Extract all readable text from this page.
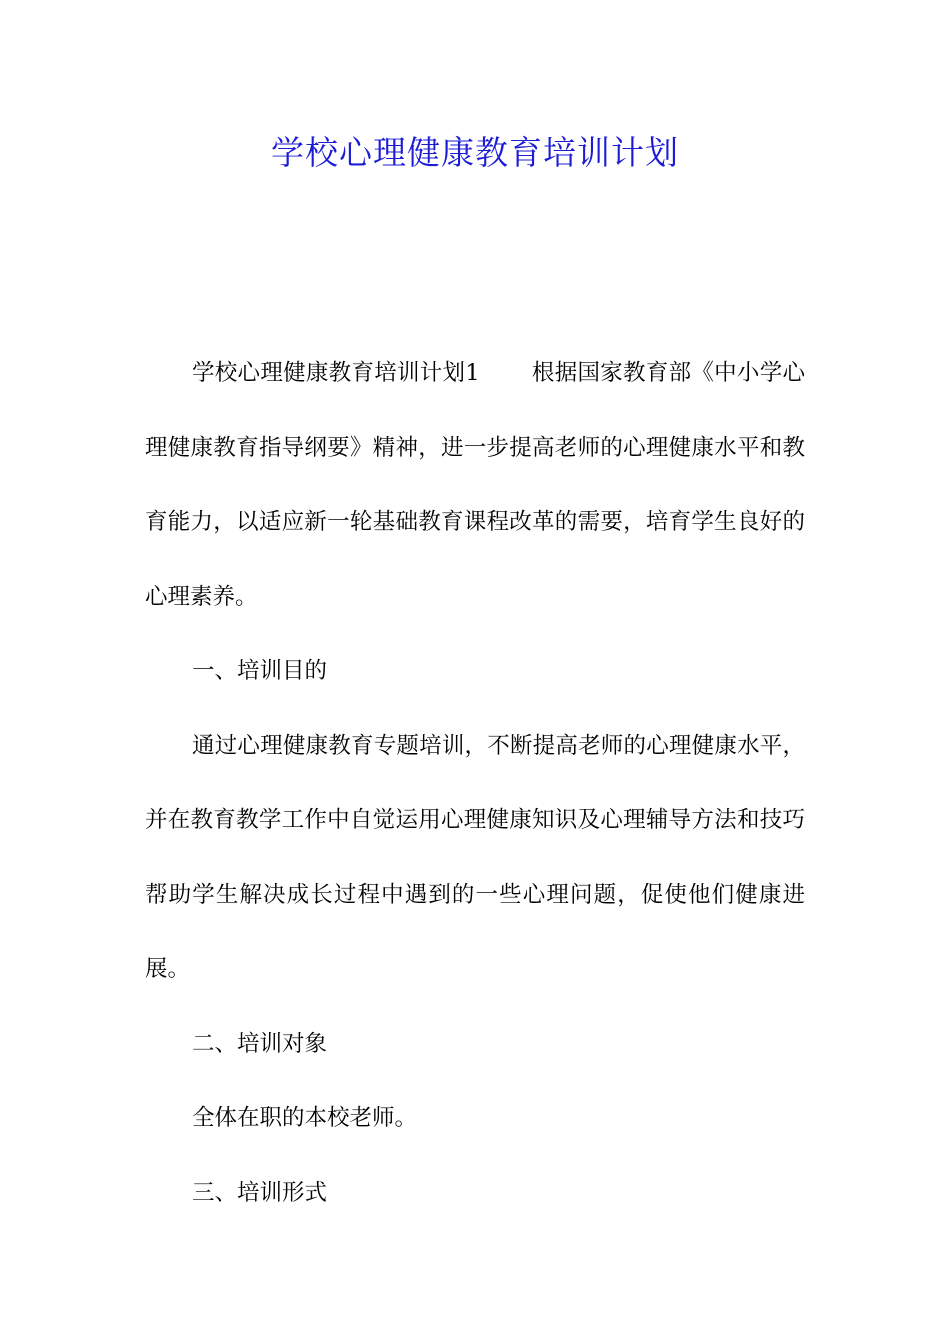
学校心理健康教育培训计划

学校心理健康教育培训计划1 根据国家教育部《中小学心理健康教育指导纲要》精神，进一步提高老师的心理健康水平和教育能力，以适应新一轮基础教育课程改革的需要，培育学生良好的心理素养。

一、培训目的

通过心理健康教育专题培训，不断提高老师的心理健康水平，并在教育教学工作中自觉运用心理健康知识及心理辅导方法和技巧帮助学生解决成长过程中遇到的一些心理问题，促使他们健康进展。

二、培训对象

全体在职的本校老师。

三、培训形式
